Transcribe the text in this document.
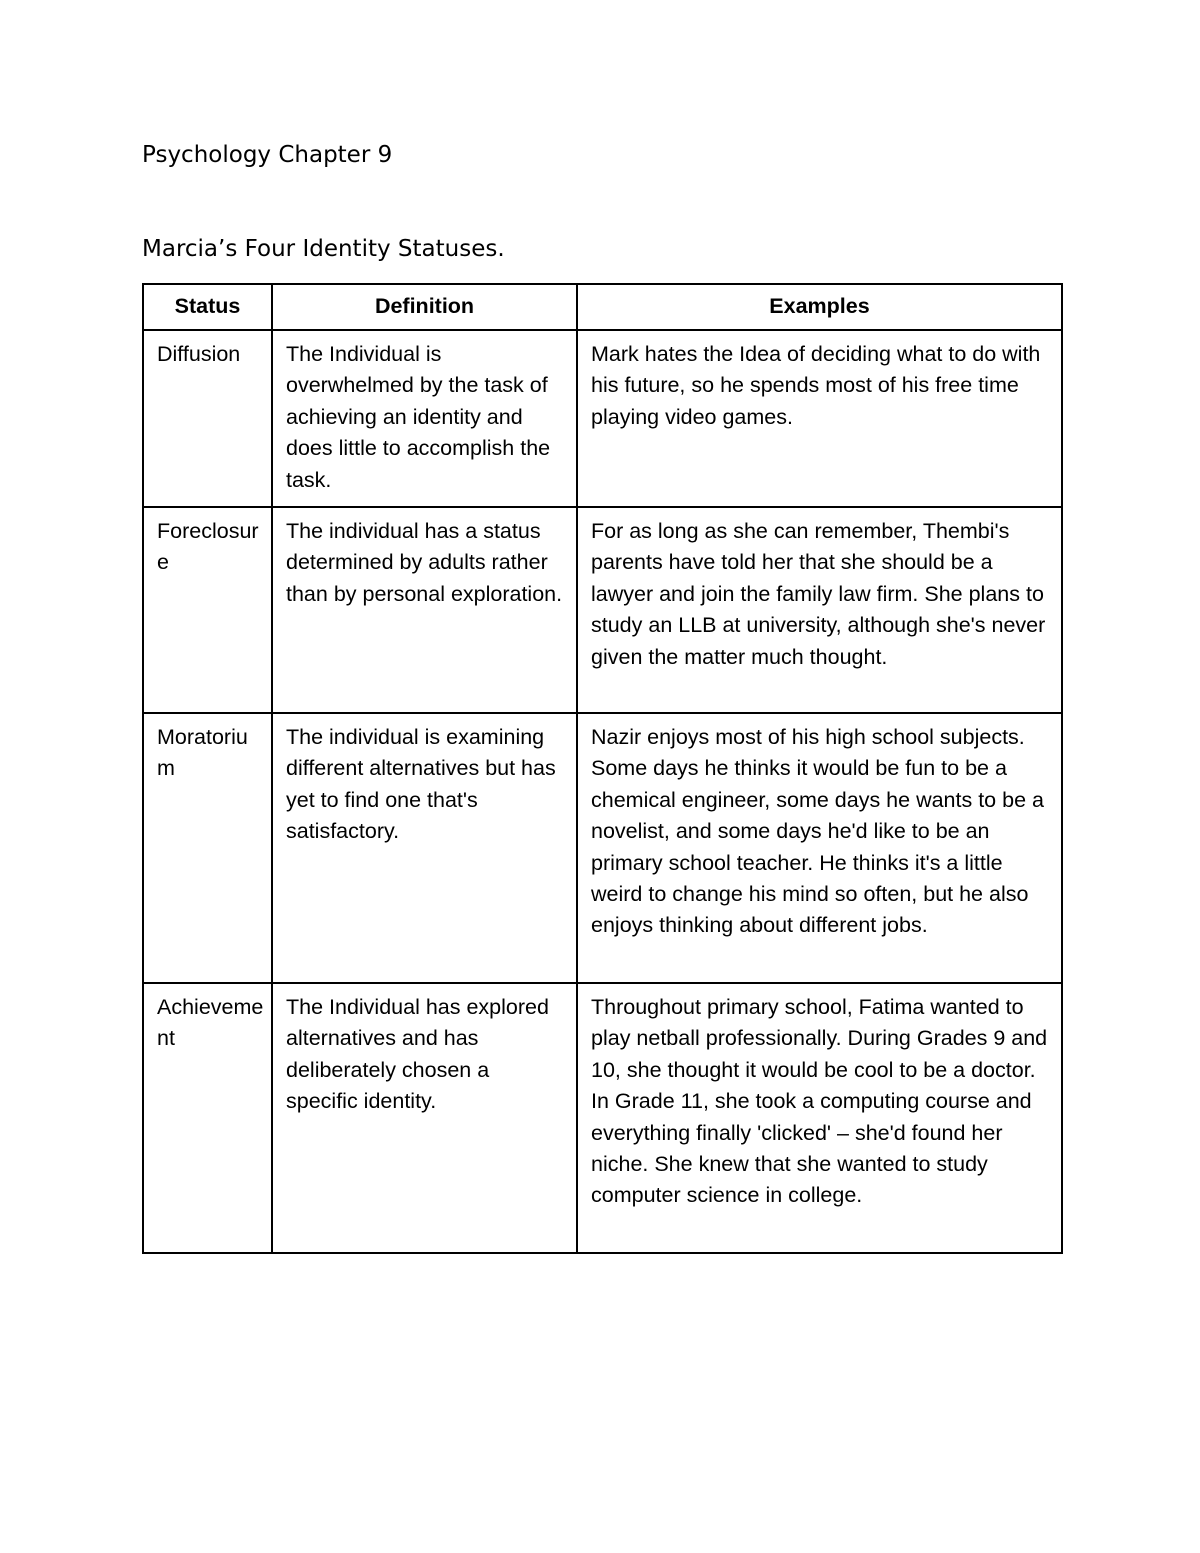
Psychology Chapter 9
Marcia’s Four Identity Statuses.
Status	Definition	Examples
Diffusion	The Individual is overwhelmed by the task of achieving an identity and does little to accomplish the task.	Mark hates the Idea of deciding what to do with his future, so he spends most of his free time playing video games.
Foreclosure	The individual has a status determined by adults rather than by personal exploration.	For as long as she can remember, Thembi's parents have told her that she should be a lawyer and join the family law firm. She plans to study an LLB at university, although she's never given the matter much thought.
Moratorium	The individual is examining different alternatives but has yet to find one that's satisfactory.	Nazir enjoys most of his high school subjects. Some days he thinks it would be fun to be a chemical engineer, some days he wants to be a novelist, and some days he'd like to be an primary school teacher. He thinks it's a little weird to change his mind so often, but he also enjoys thinking about different jobs.
Achievement	The Individual has explored alternatives and has deliberately chosen a specific identity.	Throughout primary school, Fatima wanted to play netball professionally. During Grades 9 and 10, she thought it would be cool to be a doctor. In Grade 11, she took a computing course and everything finally 'clicked' – she'd found her niche. She knew that she wanted to study computer science in college.
